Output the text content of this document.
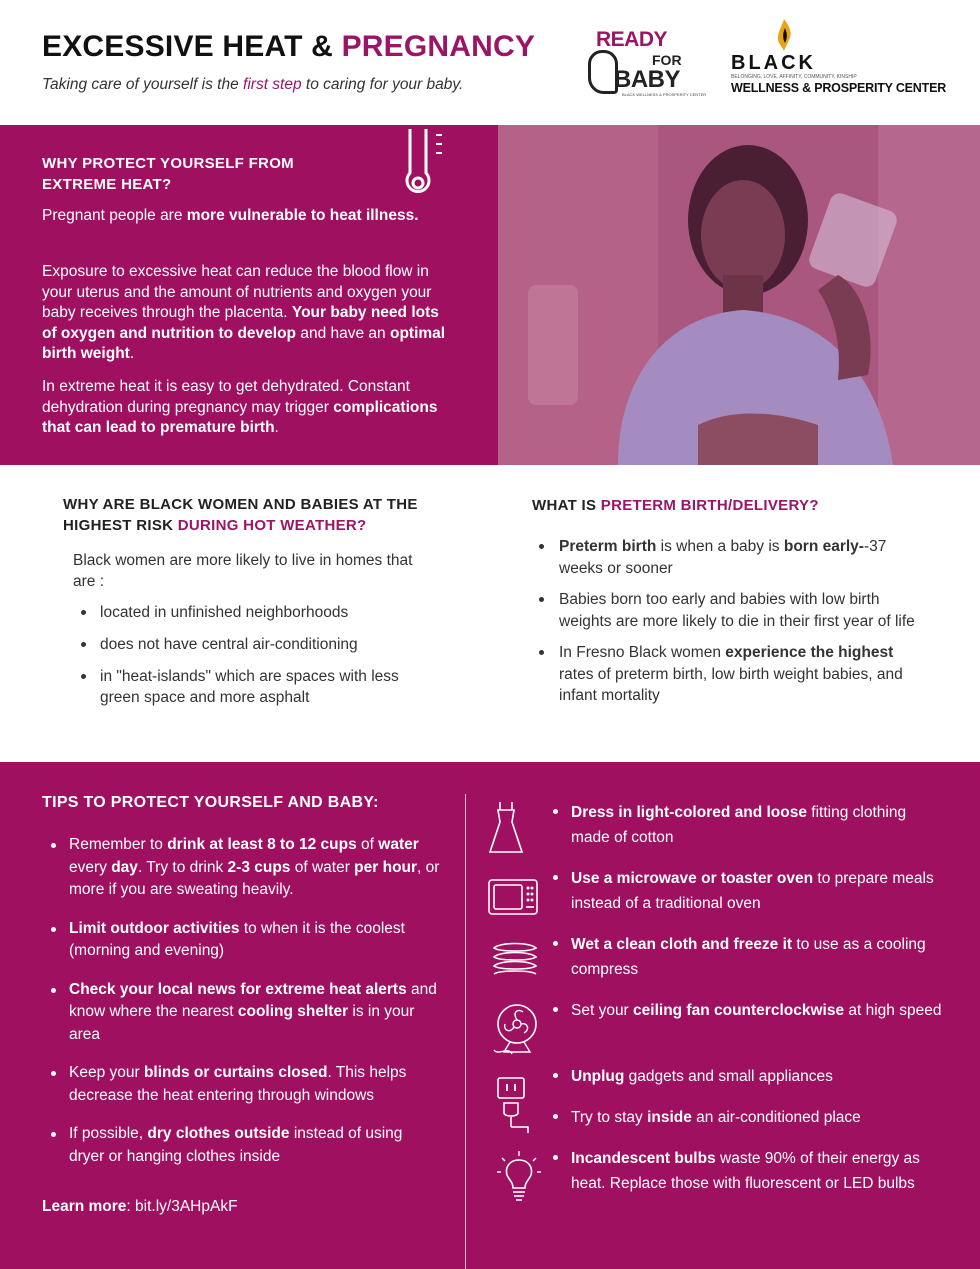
EXCESSIVE HEAT & PREGNANCY
Taking care of yourself is the first step to caring for your baby.
READY
FOR
BABY
BLACK WELLNESS & PROSPERITY CENTER
BLACK
BELONGING, LOVE, AFFINITY, COMMUNITY, KINSHIP
WELLNESS & PROSPERITY CENTER
WHY PROTECT YOURSELF FROM EXTREME HEAT?

Pregnant people are more vulnerable to heat illness.

Exposure to excessive heat can reduce the blood flow in your uterus and the amount of nutrients and oxygen your baby receives through the placenta. Your baby need lots of oxygen and nutrition to develop and have an optimal birth weight.

In extreme heat it is easy to get dehydrated. Constant dehydration during pregnancy may trigger complications that can lead to premature birth.

WHY ARE BLACK WOMEN AND BABIES AT THE HIGHEST RISK DURING HOT WEATHER?
Black women are more likely to live in homes that are :
located in unfinished neighborhoods
does not have central air-conditioning
in "heat-islands" which are spaces with less green space and more asphalt
WHAT IS PRETERM BIRTH/DELIVERY?
Preterm birth is when a baby is born early--37 weeks or sooner
Babies born too early and babies with low birth weights are more likely to die in their first year of life
In Fresno Black women experience the highest rates of preterm birth, low birth weight babies, and infant mortality
TIPS TO PROTECT YOURSELF AND BABY:
Remember to drink at least 8 to 12 cups of water every day. Try to drink 2-3 cups of water per hour, or more if you are sweating heavily.
Limit outdoor activities to when it is the coolest (morning and evening)
Check your local news for extreme heat alerts and know where the nearest cooling shelter is in your area
Keep your blinds or curtains closed. This helps decrease the heat entering through windows
If possible, dry clothes outside instead of using dryer or hanging clothes inside
Learn more: bit.ly/3AHpAkF
Dress in light-colored and loose fitting clothing made of cotton
Use a microwave or toaster oven to prepare meals instead of a traditional oven
Wet a clean cloth and freeze it to use as a cooling compress
Set your ceiling fan counterclockwise at high speed
Unplug gadgets and small appliances
Try to stay inside an air-conditioned place
Incandescent bulbs waste 90% of their energy as heat. Replace those with fluorescent or LED bulbs
